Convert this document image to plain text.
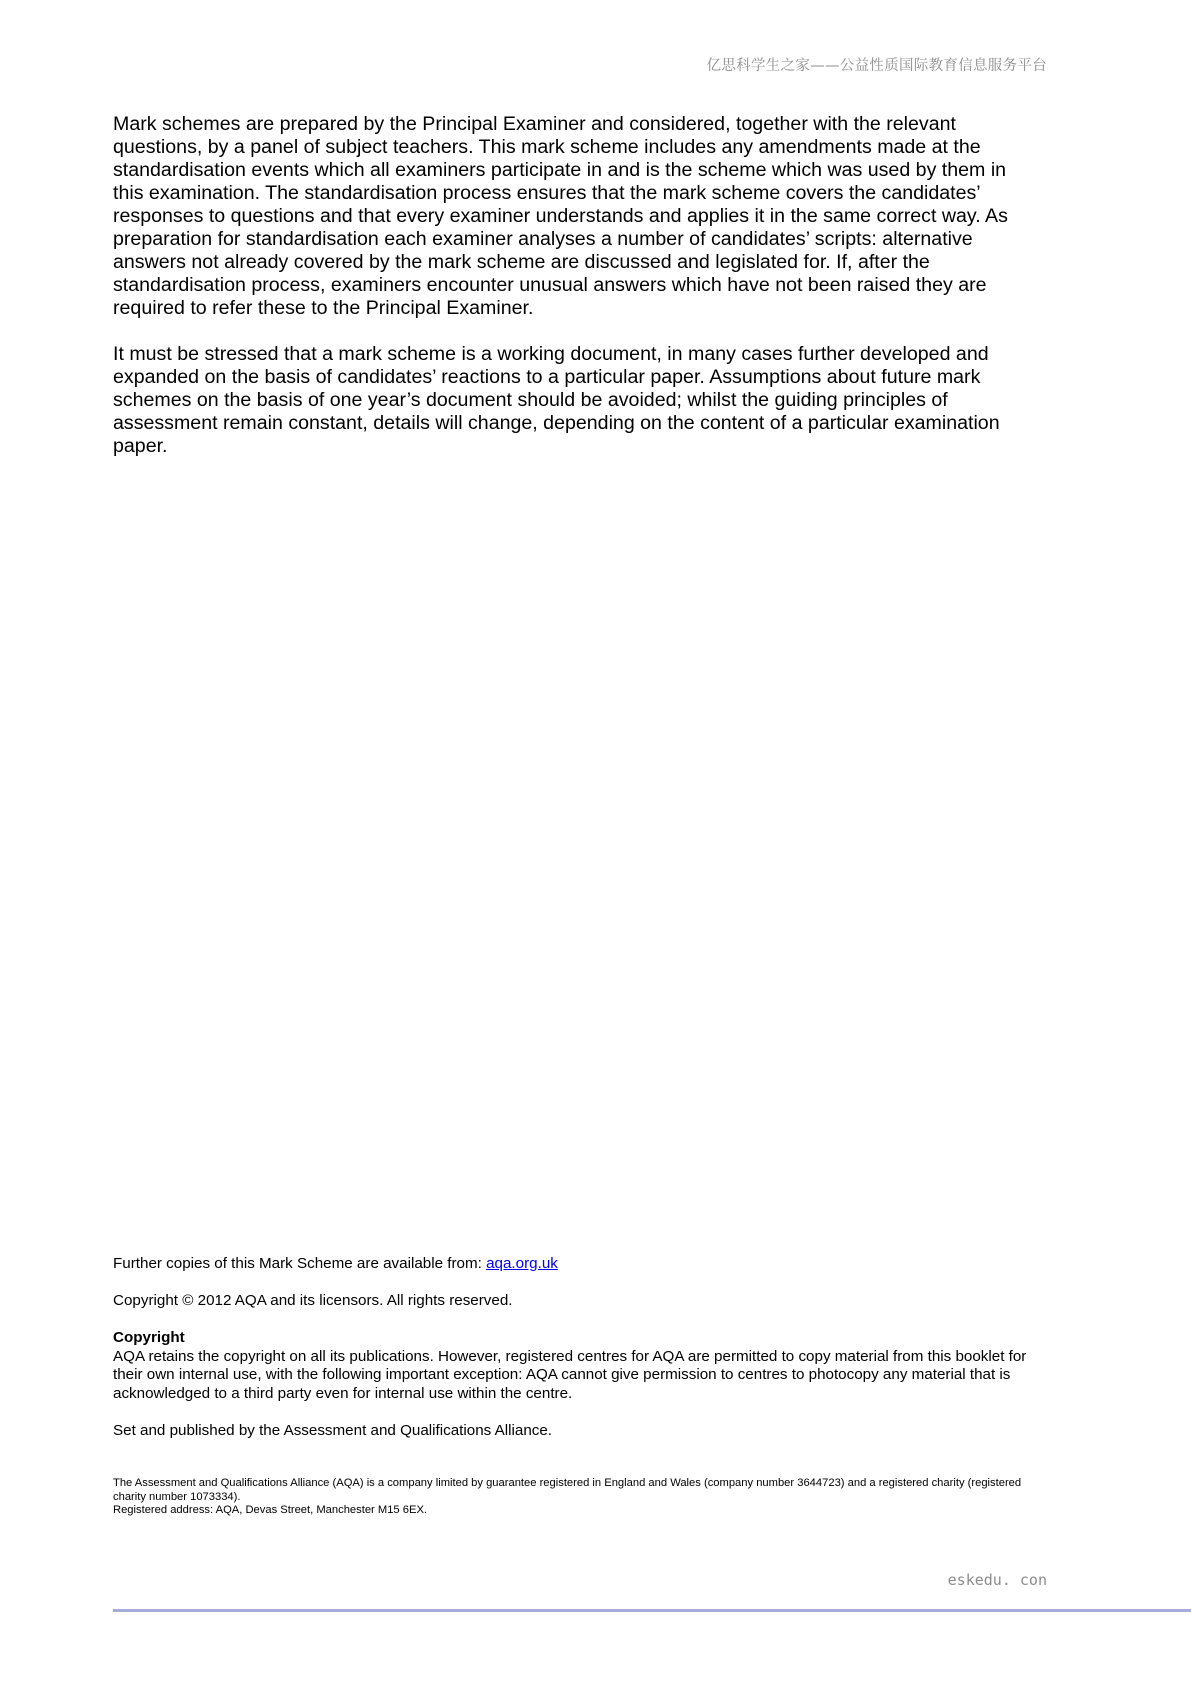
亿思科学生之家——公益性质国际教育信息服务平台

Mark schemes are prepared by the Principal Examiner and considered, together with the relevant questions, by a panel of subject teachers. This mark scheme includes any amendments made at the standardisation events which all examiners participate in and is the scheme which was used by them in this examination. The standardisation process ensures that the mark scheme covers the candidates’ responses to questions and that every examiner understands and applies it in the same correct way. As preparation for standardisation each examiner analyses a number of candidates’ scripts: alternative answers not already covered by the mark scheme are discussed and legislated for. If, after the standardisation process, examiners encounter unusual answers which have not been raised they are required to refer these to the Principal Examiner.

It must be stressed that a mark scheme is a working document, in many cases further developed and expanded on the basis of candidates’ reactions to a particular paper. Assumptions about future mark schemes on the basis of one year’s document should be avoided; whilst the guiding principles of assessment remain constant, details will change, depending on the content of a particular examination paper.

Further copies of this Mark Scheme are available from: aqa.org.uk

Copyright © 2012 AQA and its licensors. All rights reserved.

Copyright
AQA retains the copyright on all its publications. However, registered centres for AQA are permitted to copy material from this booklet for their own internal use, with the following important exception: AQA cannot give permission to centres to photocopy any material that is acknowledged to a third party even for internal use within the centre.

Set and published by the Assessment and Qualifications Alliance.

The Assessment and Qualifications Alliance (AQA) is a company limited by guarantee registered in England and Wales (company number 3644723) and a registered charity (registered charity number 1073334).
Registered address: AQA, Devas Street, Manchester M15 6EX.
eskedu. con
